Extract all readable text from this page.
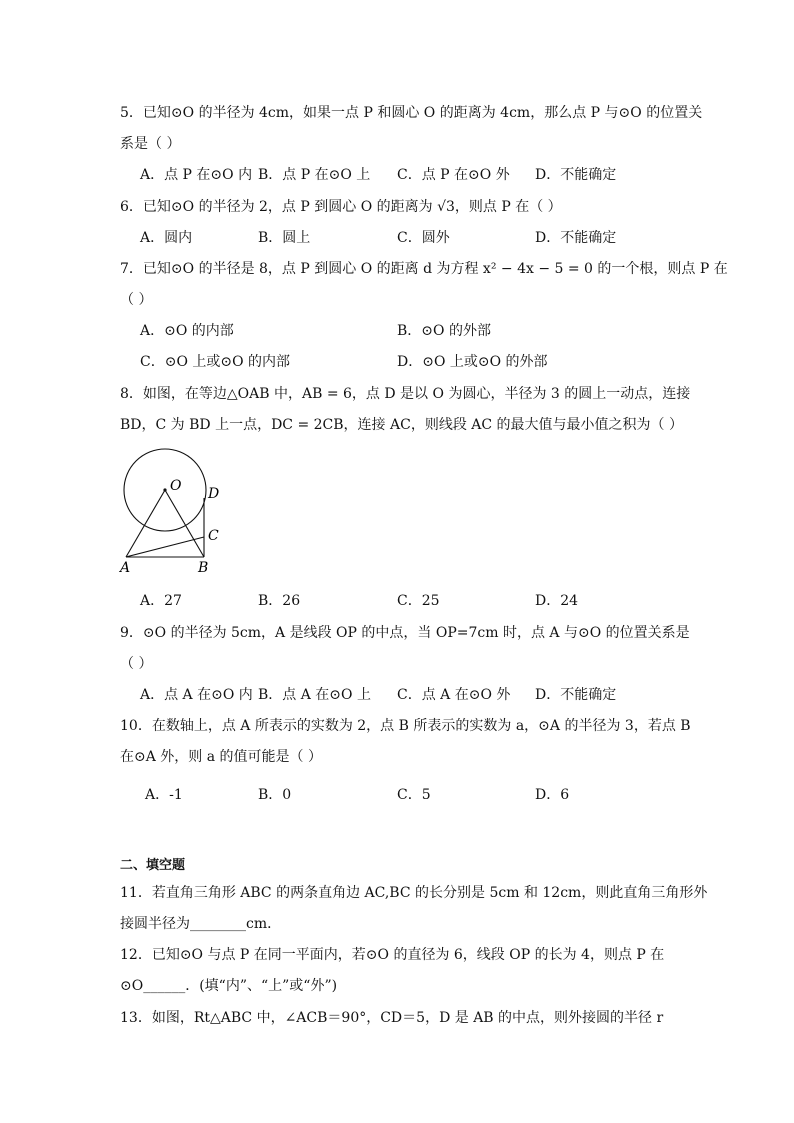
5．已知⊙O 的半径为 4cm，如果一点 P 和圆心 O 的距离为 4cm，那么点 P 与⊙O 的位置关
系是（ ）
A．点 P 在⊙O 内 B．点 P 在⊙O 上 C．点 P 在⊙O 外 D．不能确定
6．已知⊙O 的半径为 2，点 P 到圆心 O 的距离为 √3，则点 P 在（ ）
A．圆内	B．圆上	C．圆外	D．不能确定
7．已知⊙O 的半径是 8，点 P 到圆心 O 的距离 d 为方程 x² − 4x − 5 = 0 的一个根，则点 P 在
（ ）
A．⊙O 的内部	B．⊙O 的外部
C．⊙O 上或⊙O 的内部	D．⊙O 上或⊙O 的外部
8．如图，在等边△OAB 中，AB = 6，点 D 是以 O 为圆心，半径为 3 的圆上一动点，连接
BD，C 为 BD 上一点，DC = 2CB，连接 AC，则线段 AC 的最大值与最小值之积为（ ）
O D
C
A	B
A．27	B．26	C．25	D．24
9．⊙O 的半径为 5cm，A 是线段 OP 的中点，当 OP=7cm 时，点 A 与⊙O 的位置关系是
（ ）
A．点 A 在⊙O 内 B．点 A 在⊙O 上 C．点 A 在⊙O 外 D．不能确定
10．在数轴上，点 A 所表示的实数为 2，点 B 所表示的实数为 a，⊙A 的半径为 3，若点 B
在⊙A 外，则 a 的值可能是（ ）
A．-1	B．0	C．5	D．6
二、填空题
11．若直角三角形 ABC 的两条直角边 AC,BC 的长分别是 5cm 和 12cm，则此直角三角形外
接圆半径为________cm．
12．已知⊙O 与点 P 在同一平面内，若⊙O 的直径为 6，线段 OP 的长为 4，则点 P 在
⊙O______．(填“内”、“上”或“外”)
13．如图，Rt△ABC 中，∠ACB＝90°，CD＝5，D 是 AB 的中点，则外接圆的半径 r
